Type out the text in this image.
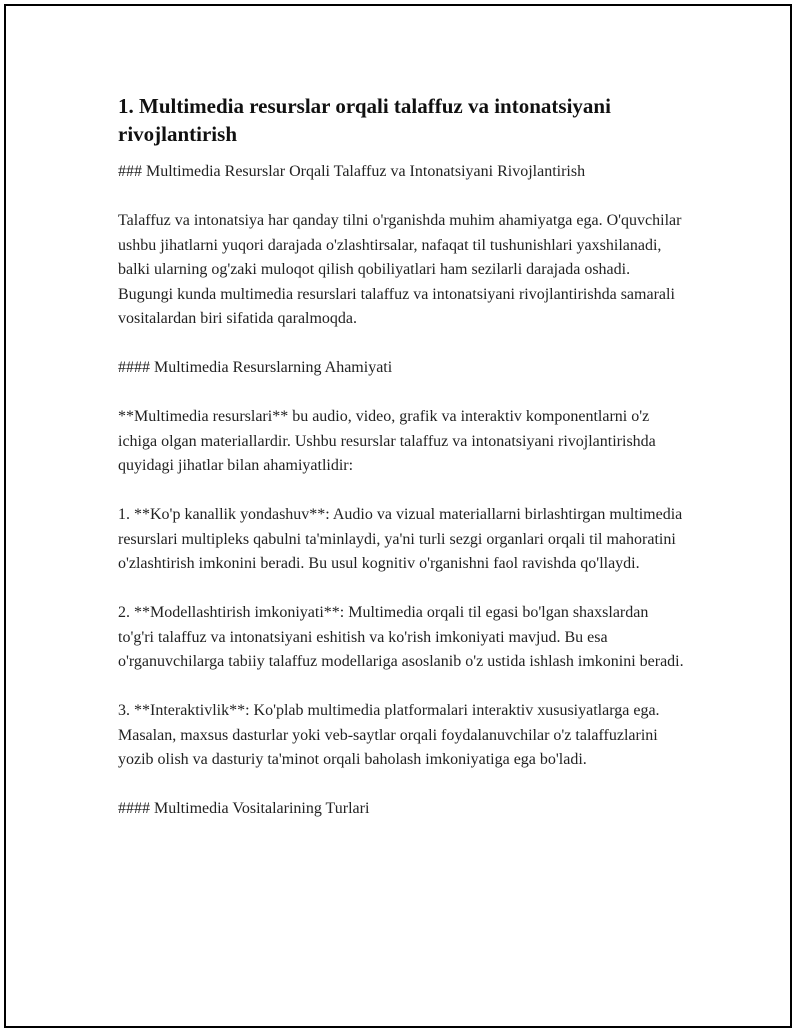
1. Multimedia resurslar orqali talaffuz va intonatsiyani rivojlantirish

### Multimedia Resurslar Orqali Talaffuz va Intonatsiyani Rivojlantirish

Talaffuz va intonatsiya har qanday tilni o'rganishda muhim ahamiyatga ega. O'quvchilar ushbu jihatlarni yuqori darajada o'zlashtirsalar, nafaqat til tushunishlari yaxshilanadi, balki ularning og'zaki muloqot qilish qobiliyatlari ham sezilarli darajada oshadi. Bugungi kunda multimedia resurslari talaffuz va intonatsiyani rivojlantirishda samarali vositalardan biri sifatida qaralmoqda.

#### Multimedia Resurslarning Ahamiyati

**Multimedia resurslari** bu audio, video, grafik va interaktiv komponentlarni o'z ichiga olgan materiallardir. Ushbu resurslar talaffuz va intonatsiyani rivojlantirishda quyidagi jihatlar bilan ahamiyatlidir:

1. **Ko'p kanallik yondashuv**: Audio va vizual materiallarni birlashtirgan multimedia resurslari multipleks qabulni ta'minlaydi, ya'ni turli sezgi organlari orqali til mahoratini o'zlashtirish imkonini beradi. Bu usul kognitiv o'rganishni faol ravishda qo'llaydi.

2. **Modellashtirish imkoniyati**: Multimedia orqali til egasi bo'lgan shaxslardan to'g'ri talaffuz va intonatsiyani eshitish va ko'rish imkoniyati mavjud. Bu esa o'rganuvchilarga tabiiy talaffuz modellariga asoslanib o'z ustida ishlash imkonini beradi.

3. **Interaktivlik**: Ko'plab multimedia platformalari interaktiv xususiyatlarga ega. Masalan, maxsus dasturlar yoki veb-saytlar orqali foydalanuvchilar o'z talaffuzlarini yozib olish va dasturiy ta'minot orqali baholash imkoniyatiga ega bo'ladi.

#### Multimedia Vositalarining Turlari
